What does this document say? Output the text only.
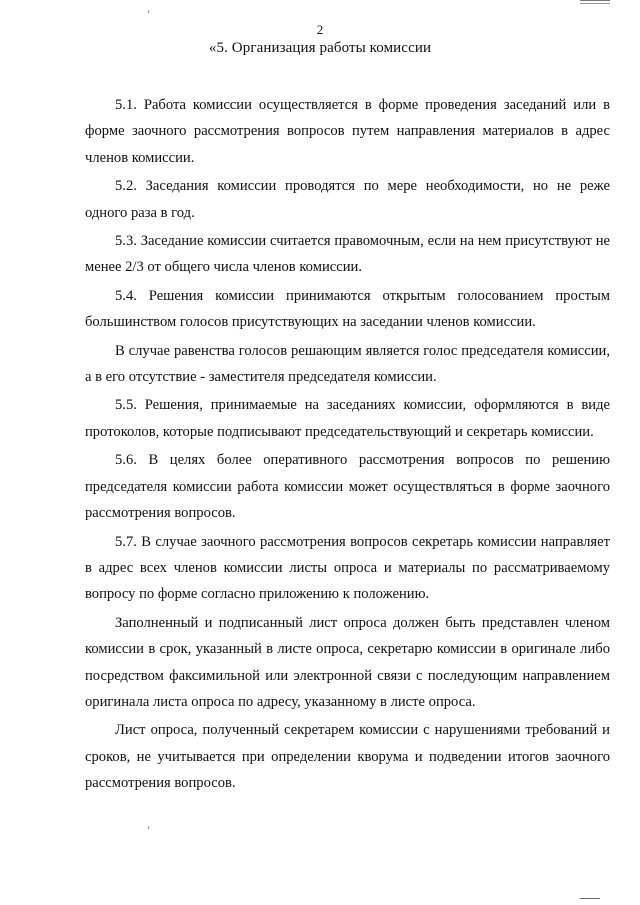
2
«5. Организация работы комиссии

5.1. Работа комиссии осуществляется в форме проведения заседаний или в форме заочного рассмотрения вопросов путем направления материалов в адрес членов комиссии.

5.2. Заседания комиссии проводятся по мере необходимости, но не реже одного раза в год.

5.3. Заседание комиссии считается правомочным, если на нем присутствуют не менее 2/3 от общего числа членов комиссии.

5.4. Решения комиссии принимаются открытым голосованием простым большинством голосов присутствующих на заседании членов комиссии.

В случае равенства голосов решающим является голос председателя комиссии, а в его отсутствие - заместителя председателя комиссии.

5.5. Решения, принимаемые на заседаниях комиссии, оформляются в виде протоколов, которые подписывают председательствующий и секретарь комиссии.

5.6. В целях более оперативного рассмотрения вопросов по решению председателя комиссии работа комиссии может осуществляться в форме заочного рассмотрения вопросов.

5.7. В случае заочного рассмотрения вопросов секретарь комиссии направляет в адрес всех членов комиссии листы опроса и материалы по рассматриваемому вопросу по форме согласно приложению к положению.

Заполненный и подписанный лист опроса должен быть представлен членом комиссии в срок, указанный в листе опроса, секретарю комиссии в оригинале либо посредством факсимильной или электронной связи с последующим направлением оригинала листа опроса по адресу, указанному в листе опроса.

Лист опроса, полученный секретарем комиссии с нарушениями требований и сроков, не учитывается при определении кворума и подведении итогов заочного рассмотрения вопросов.
